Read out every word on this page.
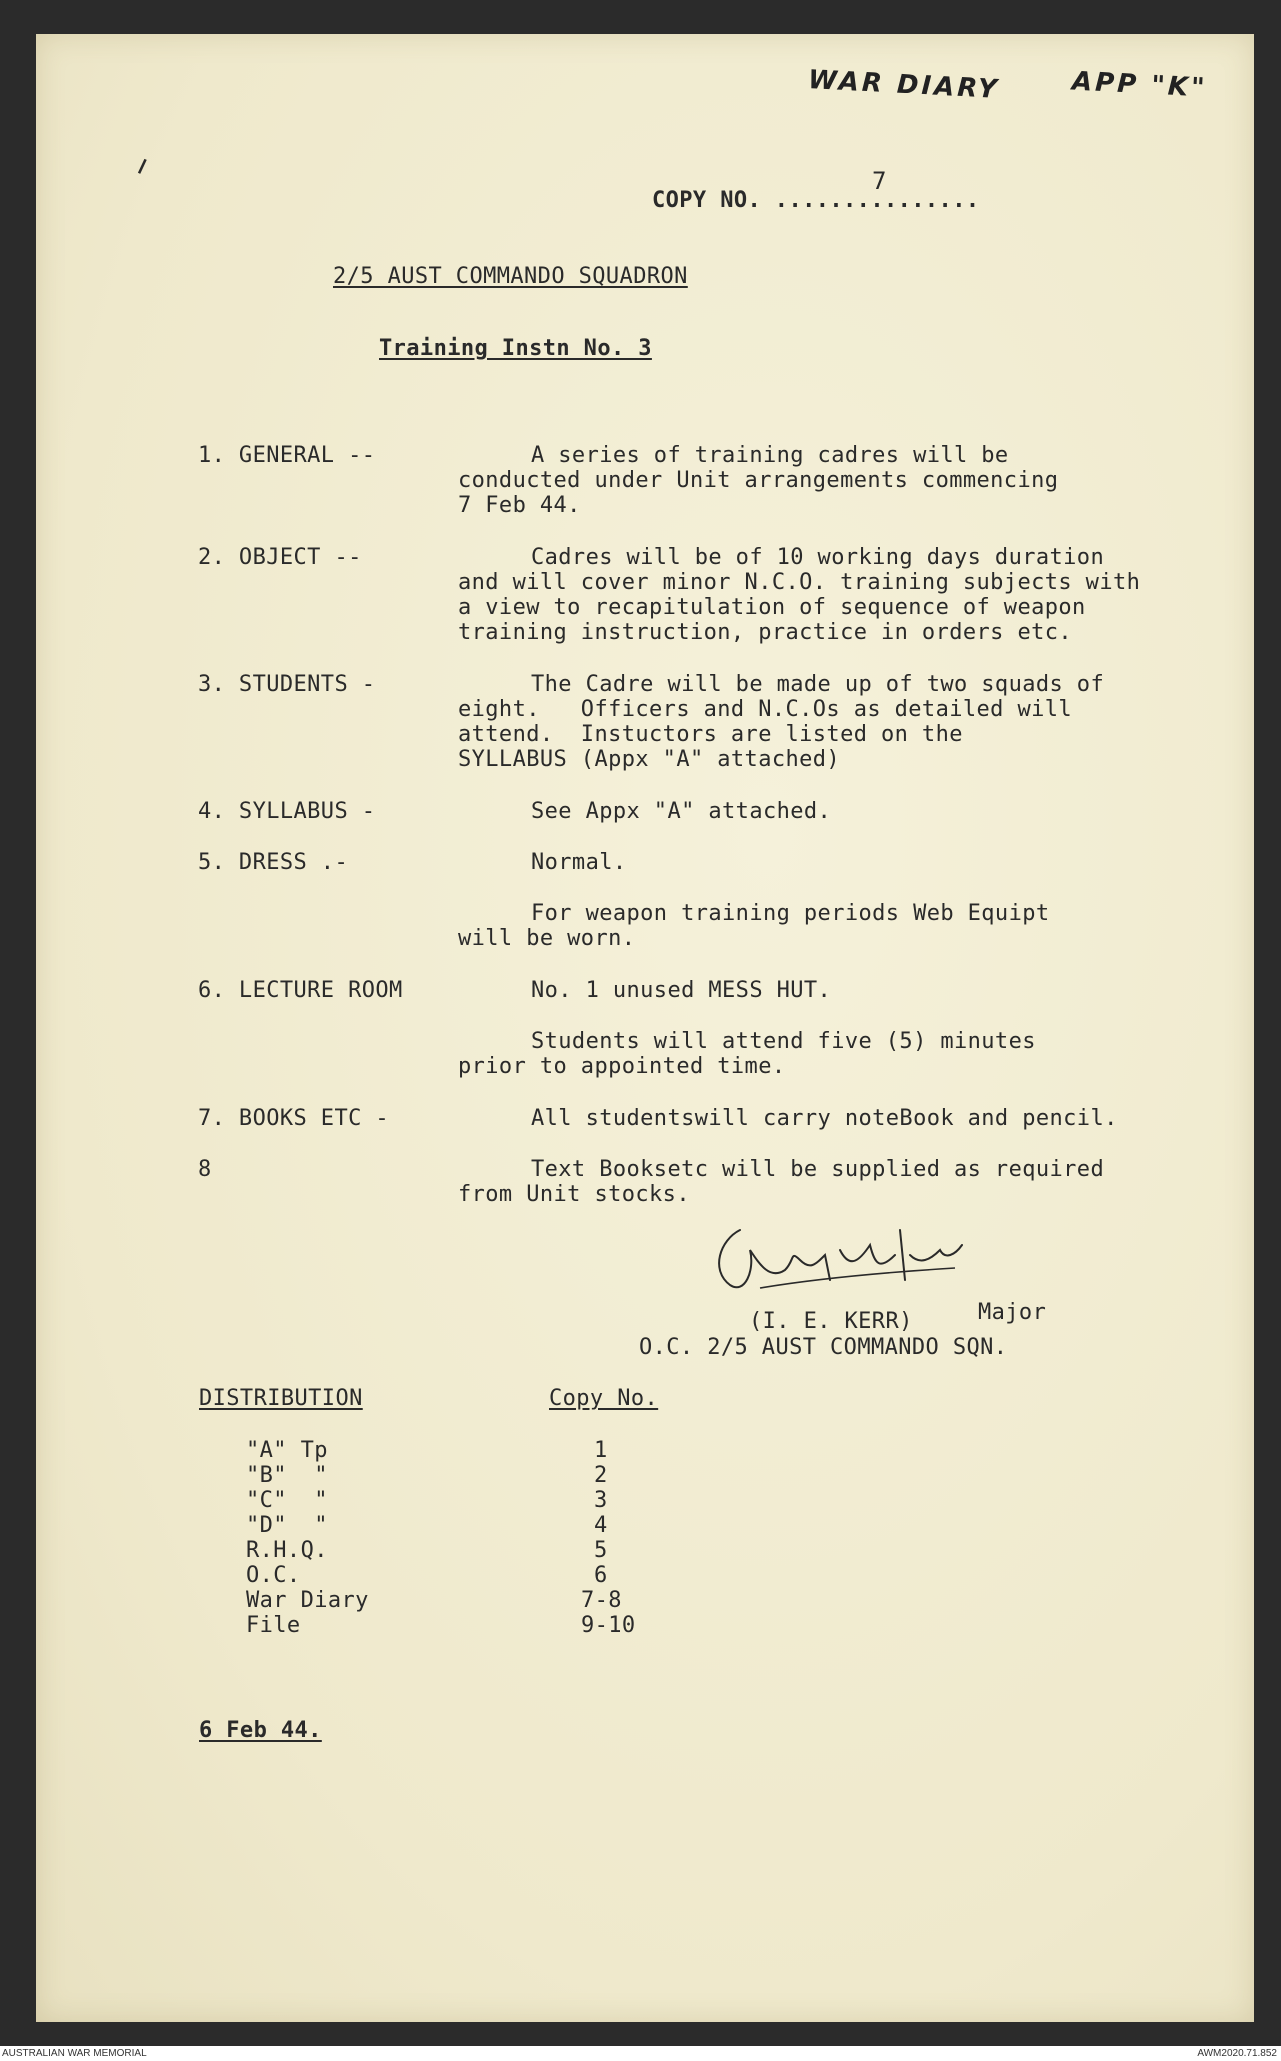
WAR DIARY	APP "K"
⸝
7
COPY NO. ...............
2/5 AUST COMMANDO SQUADRON
Training Instn No. 3
1. GENERAL --	A series of training cadres will be
conducted under Unit arrangements commencing
7 Feb 44.
2. OBJECT --	Cadres will be of 10 working days duration
and will cover minor N.C.O. training subjects with
a view to recapitulation of sequence of weapon
training instruction, practice in orders etc.
3. STUDENTS -	The Cadre will be made up of two squads of
eight.   Officers and N.C.Os as detailed will
attend.  Instuctors are listed on the
SYLLABUS (Appx "A" attached)
4. SYLLABUS -	See Appx "A" attached.
5. DRESS .-	Normal.
For weapon training periods Web Equipt
will be worn.
6. LECTURE ROOM	No. 1 unused MESS HUT.
Students will attend five (5) minutes
prior to appointed time.
7. BOOKS ETC -	All studentswill carry noteBook and pencil.
8	Text Booksetc will be supplied as required
from Unit stocks.
Major
(I. E. KERR)
O.C. 2/5 AUST COMMANDO SQN.
DISTRIBUTION	Copy No.
"A" Tp	1
"B"  "	2
"C"  "	3
"D"  "	4
R.H.Q.	5
O.C.	6
War Diary	7-8
File	9-10
6 Feb 44.
AUSTRALIAN WAR MEMORIAL	AWM2020.71.852
